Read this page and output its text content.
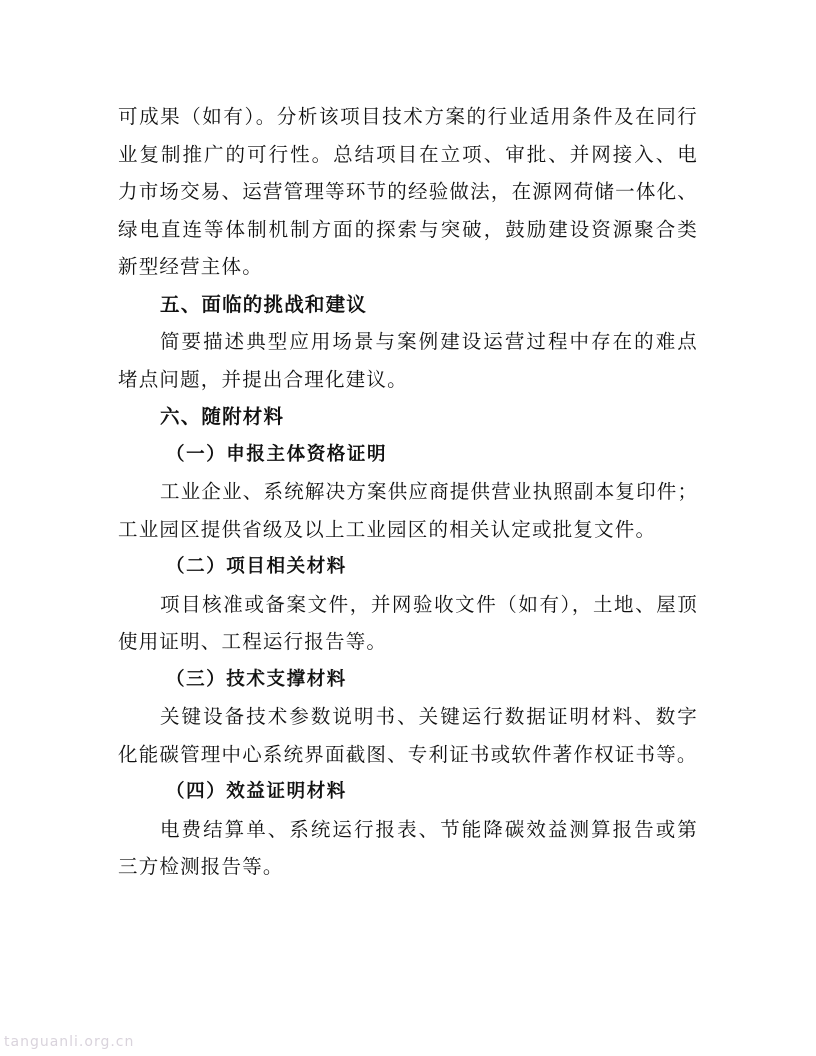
可成果（如有）。分析该项目技术方案的行业适用条件及在同行
业复制推广的可行性。总结项目在立项、审批、并网接入、电
力市场交易、运营管理等环节的经验做法，在源网荷储一体化、
绿电直连等体制机制方面的探索与突破，鼓励建设资源聚合类
新型经营主体。

五、面临的挑战和建议

简要描述典型应用场景与案例建设运营过程中存在的难点
堵点问题，并提出合理化建议。

六、随附材料
（一）申报主体资格证明

工业企业、系统解决方案供应商提供营业执照副本复印件；
工业园区提供省级及以上工业园区的相关认定或批复文件。

（二）项目相关材料

项目核准或备案文件，并网验收文件（如有），土地、屋顶
使用证明、工程运行报告等。

（三）技术支撑材料

关键设备技术参数说明书、关键运行数据证明材料、数字
化能碳管理中心系统界面截图、专利证书或软件著作权证书等。

（四）效益证明材料

电费结算单、系统运行报表、节能降碳效益测算报告或第
三方检测报告等。

tanguanli.org.cn
